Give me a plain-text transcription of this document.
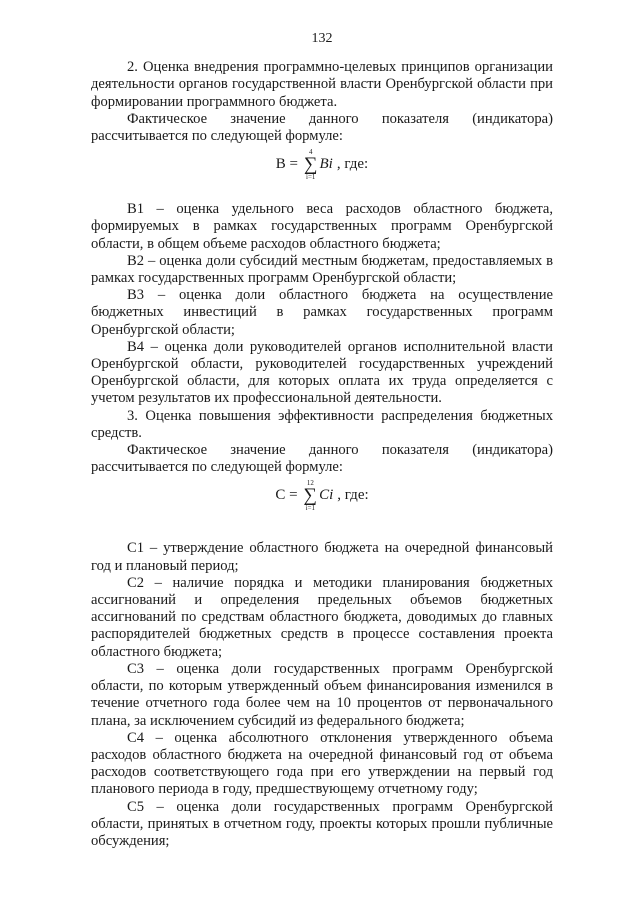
132

2. Оценка внедрения программно-целевых принципов организации деятельности органов государственной власти Оренбургской области при формировании программного бюджета.

Фактическое значение данного показателя (индикатора) рассчитывается по следующей формуле:

В =
4
∑
i=1
Bi , где:

В1 – оценка удельного веса расходов областного бюджета, формируемых в рамках государственных программ Оренбургской области, в общем объеме расходов областного бюджета;

В2 – оценка доли субсидий местным бюджетам, предоставляемых в рамках государственных программ Оренбургской области;

В3 – оценка доли областного бюджета на осуществление бюджетных инвестиций в рамках государственных программ Оренбургской области;

В4 – оценка доли руководителей органов исполнительной власти Оренбургской области, руководителей государственных учреждений Оренбургской области, для которых оплата их труда определяется с учетом результатов их профессиональной деятельности.

3. Оценка повышения эффективности распределения бюджетных средств.

Фактическое значение данного показателя (индикатора) рассчитывается по следующей формуле:

С =
12
∑
i=1
Ci , где:

С1 – утверждение областного бюджета на очередной финансовый год и плановый период;

С2 – наличие порядка и методики планирования бюджетных ассигнований и определения предельных объемов бюджетных ассигнований по средствам областного бюджета, доводимых до главных распорядителей бюджетных средств в процессе составления проекта областного бюджета;

С3 – оценка доли государственных программ Оренбургской области, по которым утвержденный объем финансирования изменился в течение отчетного года более чем на 10 процентов от первоначального плана, за исключением субсидий из федерального бюджета;

С4 – оценка абсолютного отклонения утвержденного объема расходов областного бюджета на очередной финансовый год от объема расходов соответствующего года при его утверждении на первый год планового периода в году, предшествующему отчетному году;

С5 – оценка доли государственных программ Оренбургской области, принятых в отчетном году, проекты которых прошли публичные обсуждения;
